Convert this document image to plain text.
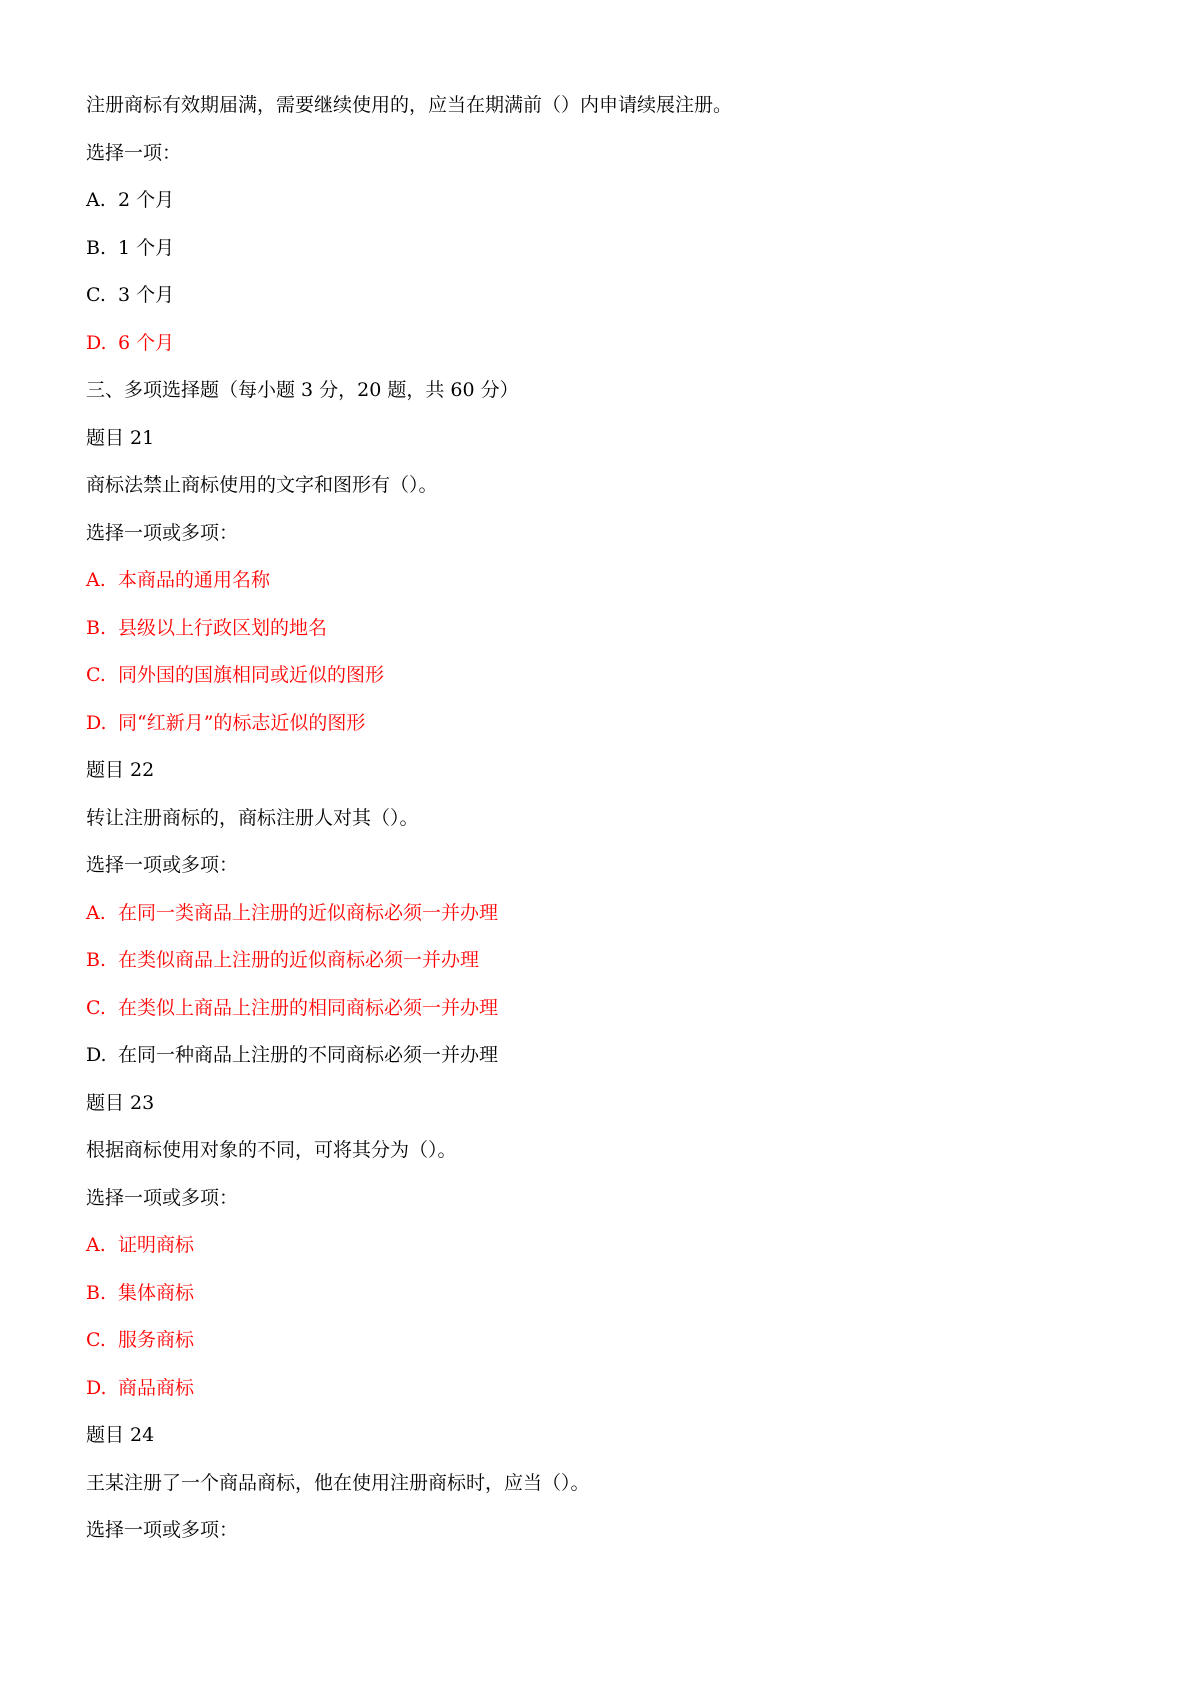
注册商标有效期届满，需要继续使用的，应当在期满前（）内申请续展注册。
选择一项：
A. 2 个月
B. 1 个月
C. 3 个月
D. 6 个月
三、多项选择题（每小题 3 分，20 题，共 60 分）
题目 21
商标法禁止商标使用的文字和图形有（）。
选择一项或多项：
A. 本商品的通用名称
B. 县级以上行政区划的地名
C. 同外国的国旗相同或近似的图形
D. 同“红新月”的标志近似的图形
题目 22
转让注册商标的，商标注册人对其（）。
选择一项或多项：
A. 在同一类商品上注册的近似商标必须一并办理
B. 在类似商品上注册的近似商标必须一并办理
C. 在类似上商品上注册的相同商标必须一并办理
D. 在同一种商品上注册的不同商标必须一并办理
题目 23
根据商标使用对象的不同，可将其分为（）。
选择一项或多项：
A. 证明商标
B. 集体商标
C. 服务商标
D. 商品商标
题目 24
王某注册了一个商品商标，他在使用注册商标时，应当（）。
选择一项或多项：
